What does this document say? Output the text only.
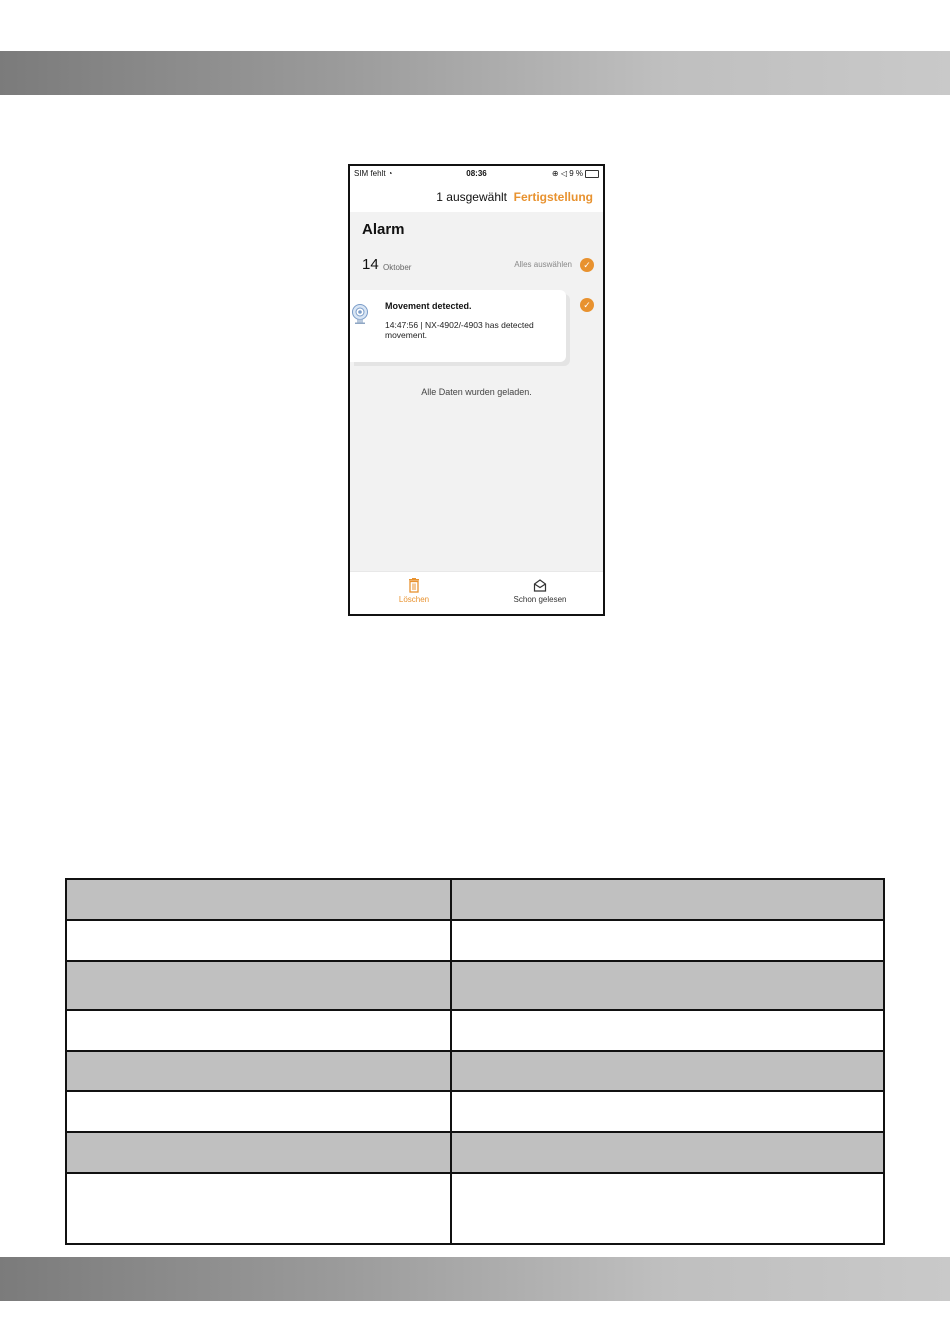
SIM fehlt ◔	08:36	⊕ ◁ 9 %
1 ausgewählt Fertigstellung
Alarm
14 Oktober	Alles auswählen	✓
Movement detected.
14:47:56 | NX-4902/-4903 has detected movement.
✓
Alle Daten wurden geladen.
Löschen	Schon gelesen
